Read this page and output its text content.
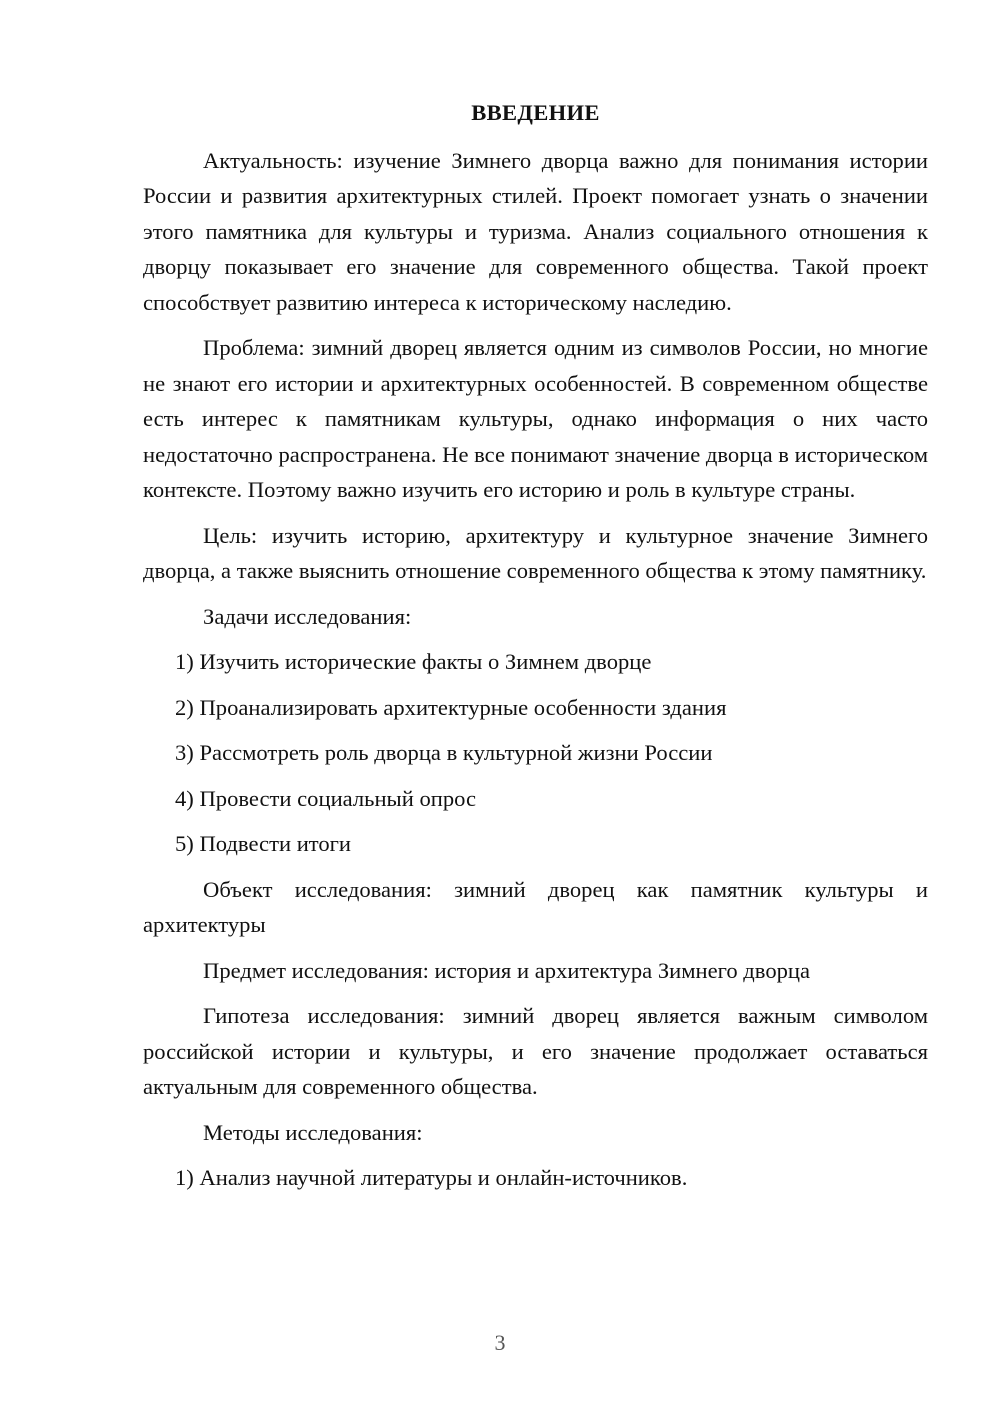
ВВЕДЕНИЕ

Актуальность: изучение Зимнего дворца важно для понимания истории России и развития архитектурных стилей. Проект помогает узнать о значении этого памятника для культуры и туризма. Анализ социального отношения к дворцу показывает его значение для современного общества. Такой проект способствует развитию интереса к историческому наследию.

Проблема: зимний дворец является одним из символов России, но многие не знают его истории и архитектурных особенностей. В современном обществе есть интерес к памятникам культуры, однако информация о них часто недостаточно распространена. Не все понимают значение дворца в историческом контексте. Поэтому важно изучить его историю и роль в культуре страны.

Цель: изучить историю, архитектуру и культурное значение Зимнего дворца, а также выяснить отношение современного общества к этому памятнику.

Задачи исследования:
1) Изучить исторические факты о Зимнем дворце
2) Проанализировать архитектурные особенности здания
3) Рассмотреть роль дворца в культурной жизни России
4) Провести социальный опрос
5) Подвести итоги

Объект исследования: зимний дворец как памятник культуры и архитектуры

Предмет исследования: история и архитектура Зимнего дворца

Гипотеза исследования: зимний дворец является важным символом российской истории и культуры, и его значение продолжает оставаться актуальным для современного общества.

Методы исследования:
1) Анализ научной литературы и онлайн-источников.
3
